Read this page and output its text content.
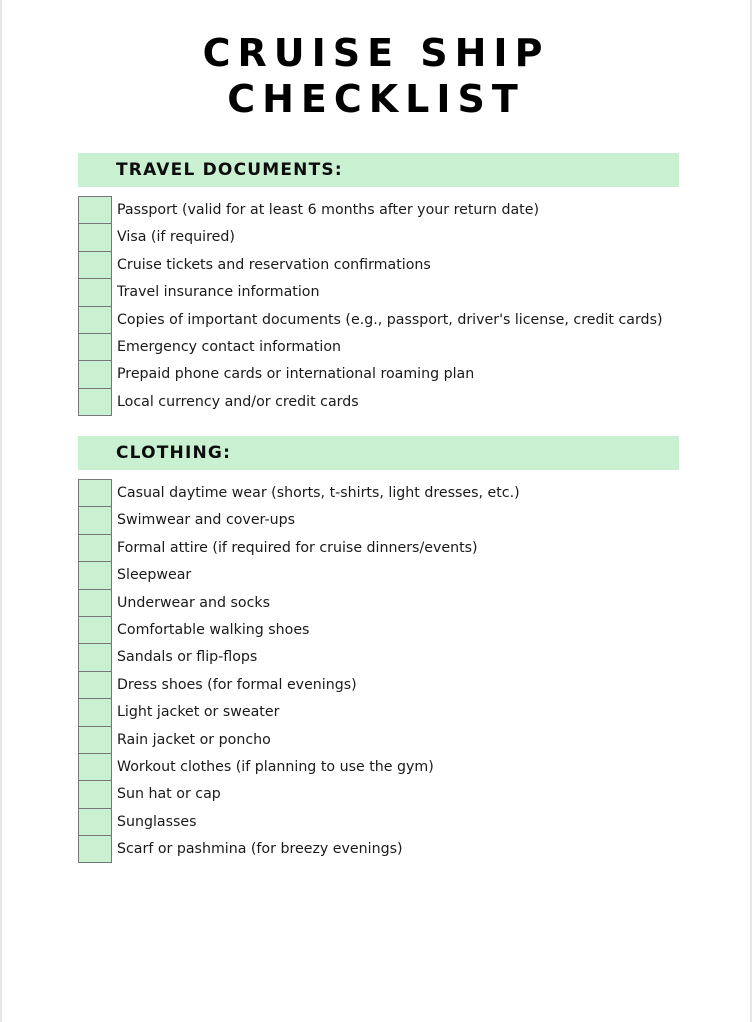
CRUISE SHIP
CHECKLIST
TRAVEL DOCUMENTS:
Passport (valid for at least 6 months after your return date)
Visa (if required)
Cruise tickets and reservation confirmations
Travel insurance information
Copies of important documents (e.g., passport, driver's license, credit cards)
Emergency contact information
Prepaid phone cards or international roaming plan
Local currency and/or credit cards
CLOTHING:
Casual daytime wear (shorts, t-shirts, light dresses, etc.)
Swimwear and cover-ups
Formal attire (if required for cruise dinners/events)
Sleepwear
Underwear and socks
Comfortable walking shoes
Sandals or flip-flops
Dress shoes (for formal evenings)
Light jacket or sweater
Rain jacket or poncho
Workout clothes (if planning to use the gym)
Sun hat or cap
Sunglasses
Scarf or pashmina (for breezy evenings)
